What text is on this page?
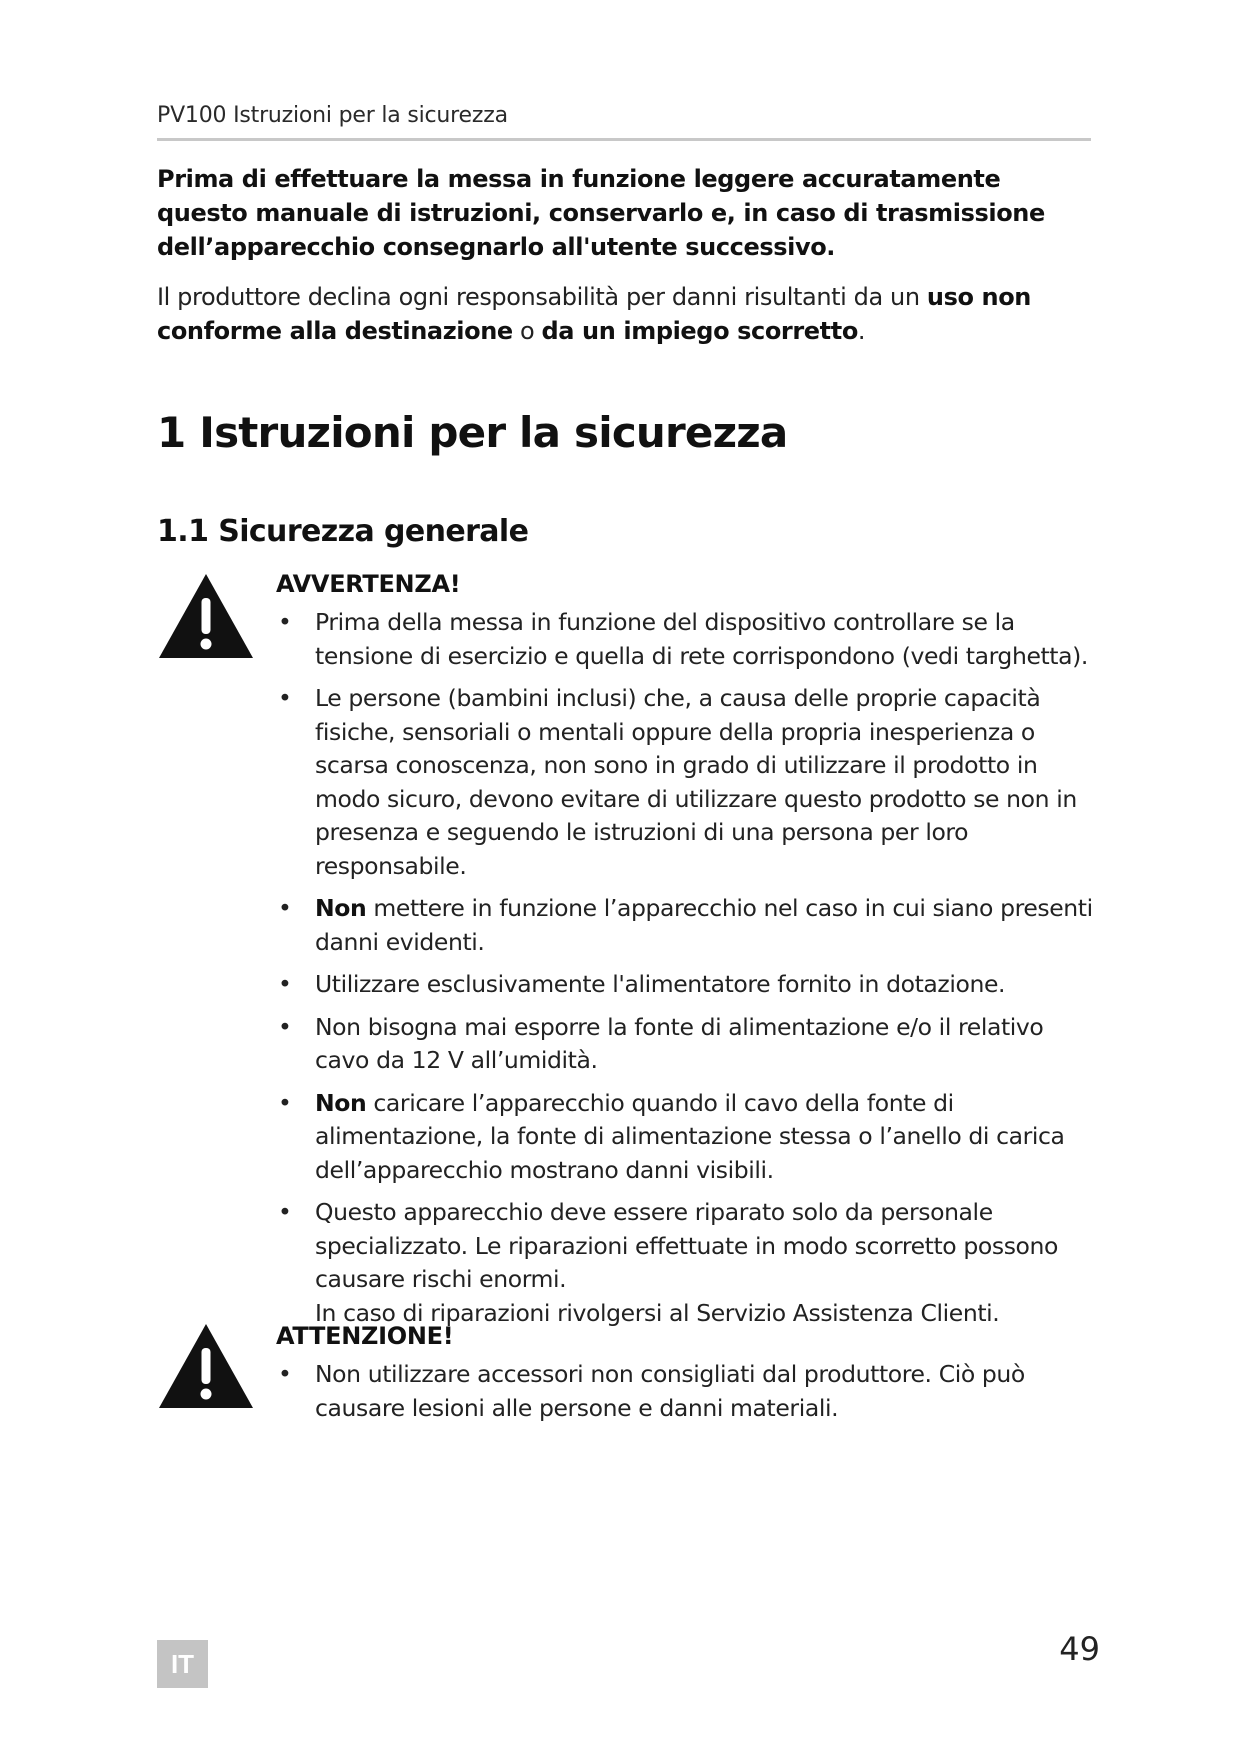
PV100 Istruzioni per la sicurezza
Prima di effettuare la messa in funzione leggere accuratamente questo manuale di istruzioni, conservarlo e, in caso di trasmissione dell’apparecchio consegnarlo all'utente successivo.
Il produttore declina ogni responsabilità per danni risultanti da un uso non conforme alla destinazione o da un impiego scorretto.
1 Istruzioni per la sicurezza
1.1 Sicurezza generale
AVVERTENZA!
• Prima della messa in funzione del dispositivo controllare se la tensione di esercizio e quella di rete corrispondono (vedi targhetta).
• Le persone (bambini inclusi) che, a causa delle proprie capacità fisiche, sensoriali o mentali oppure della propria inesperienza o scarsa conoscenza, non sono in grado di utilizzare il prodotto in modo sicuro, devono evitare di utilizzare questo prodotto se non in presenza e seguendo le istruzioni di una persona per loro responsabile.
• Non mettere in funzione l’apparecchio nel caso in cui siano presenti danni evidenti.
• Utilizzare esclusivamente l'alimentatore fornito in dotazione.
• Non bisogna mai esporre la fonte di alimentazione e/o il relativo cavo da 12 V all’umidità.
• Non caricare l’apparecchio quando il cavo della fonte di alimentazione, la fonte di alimentazione stessa o l’anello di carica dell’apparecchio mostrano danni visibili.
• Questo apparecchio deve essere riparato solo da personale specializzato. Le riparazioni effettuate in modo scorretto possono causare rischi enormi.
In caso di riparazioni rivolgersi al Servizio Assistenza Clienti.
ATTENZIONE!
• Non utilizzare accessori non consigliati dal produttore. Ciò può causare lesioni alle persone e danni materiali.
IT	49
